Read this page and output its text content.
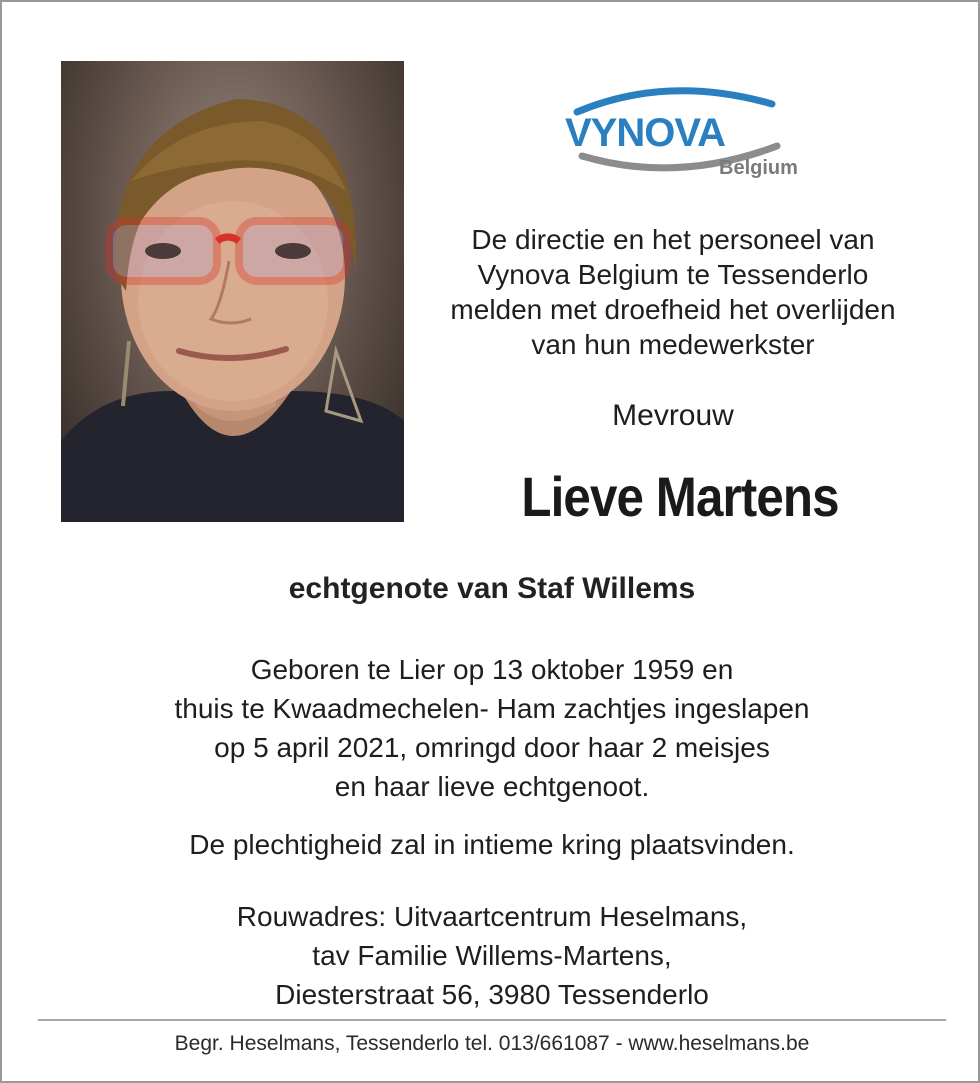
VYNOVA
Belgium

De directie en het personeel van
Vynova Belgium te Tessenderlo
melden met droefheid het overlijden
van hun medewerkster

Mevrouw
Lieve Martens
echtgenote van Staf Willems

Geboren te Lier op 13 oktober 1959 en
thuis te Kwaadmechelen- Ham zachtjes ingeslapen
op 5 april 2021, omringd door haar 2 meisjes
en haar lieve echtgenoot.

De plechtigheid zal in intieme kring plaatsvinden.

Rouwadres: Uitvaartcentrum Heselmans,
tav Familie Willems-Martens,
Diesterstraat 56, 3980 Tessenderlo

Begr. Heselmans, Tessenderlo tel. 013/661087 - www.heselmans.be
